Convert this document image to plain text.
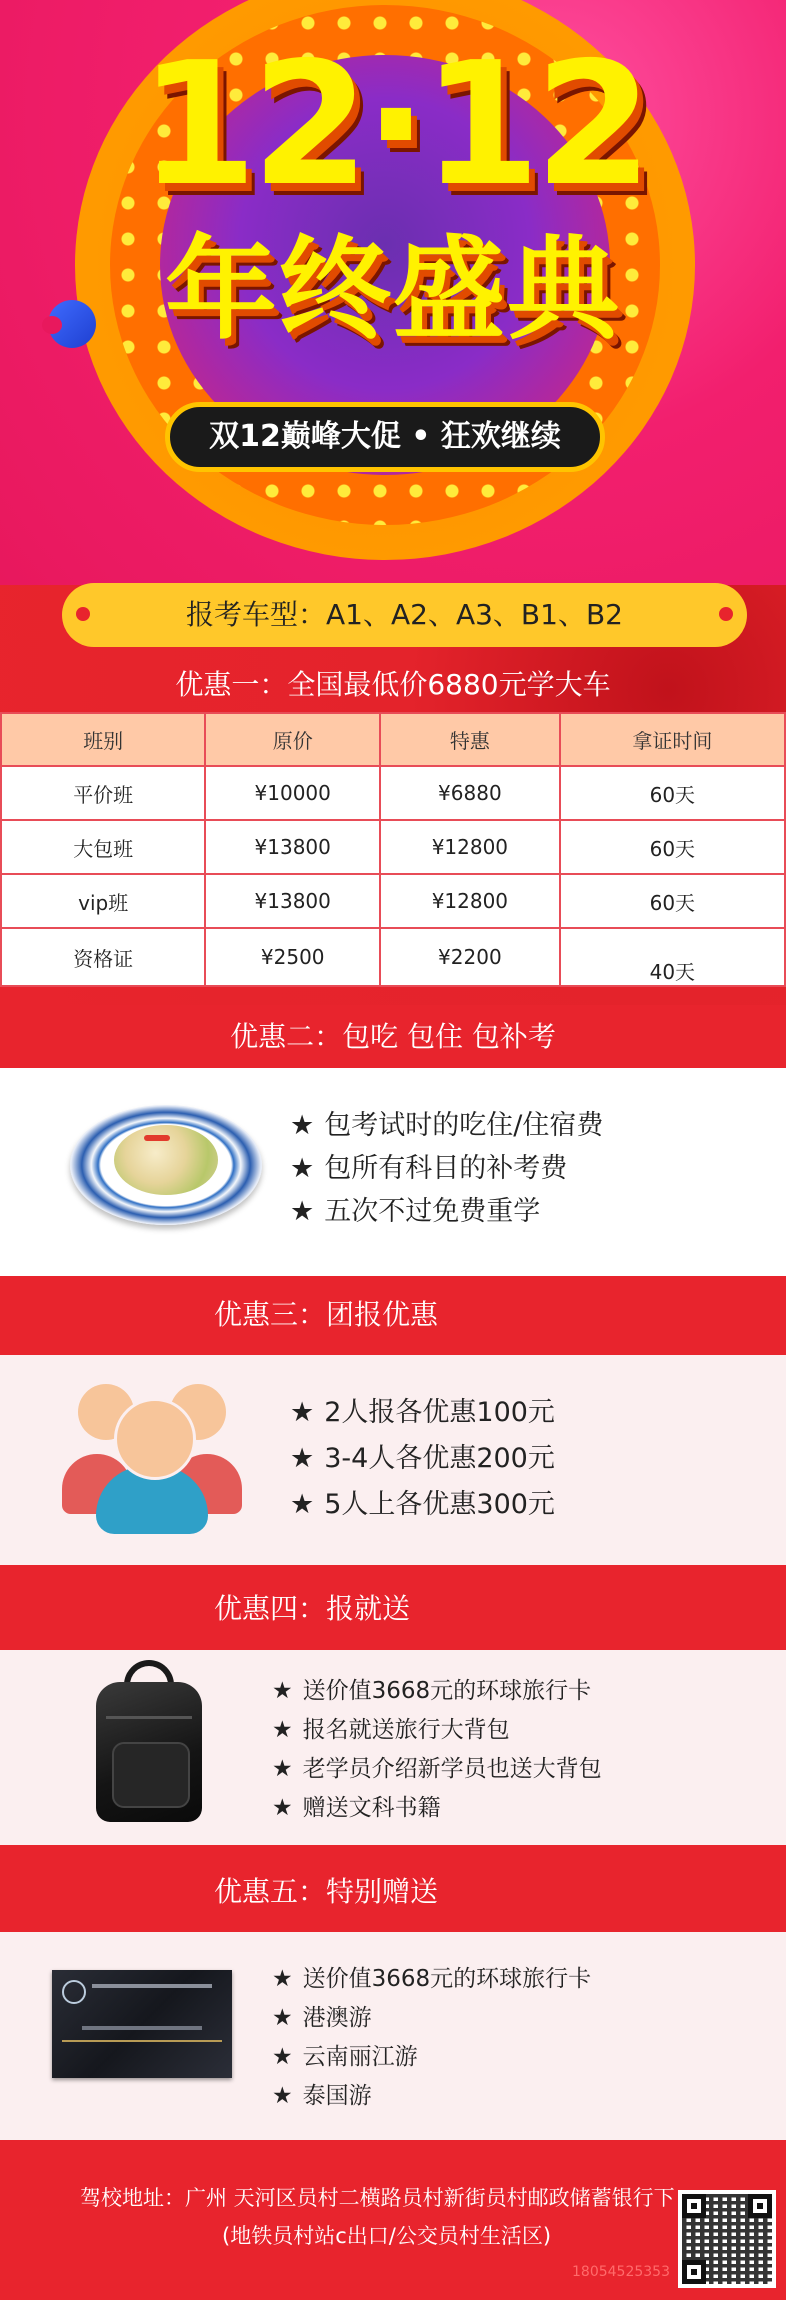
12·12
年终盛典
双12巅峰大促 • 狂欢继续
报考车型：A1、A2、A3、B1、B2
优惠一：全国最低价6880元学大车
班别	原价	特惠	拿证时间
平价班	¥10000	¥6880	60天
大包班	¥13800	¥12800	60天
vip班	¥13800	¥12800	60天
资格证	¥2500	¥2200	40天
优惠二：包吃 包住 包补考
★ 包考试时的吃住/住宿费
★ 包所有科目的补考费
★ 五次不过免费重学
优惠三：团报优惠
★ 2人报各优惠100元
★ 3-4人各优惠200元
★ 5人上各优惠300元
优惠四：报就送
★ 送价值3668元的环球旅行卡
★ 报名就送旅行大背包
★ 老学员介绍新学员也送大背包
★ 赠送文科书籍
优惠五：特别赠送
★ 送价值3668元的环球旅行卡
★ 港澳游
★ 云南丽江游
★ 泰国游
驾校地址：广州 天河区员村二横路员村新街员村邮政储蓄银行下
(地铁员村站c出口/公交员村生活区)
18054525353
